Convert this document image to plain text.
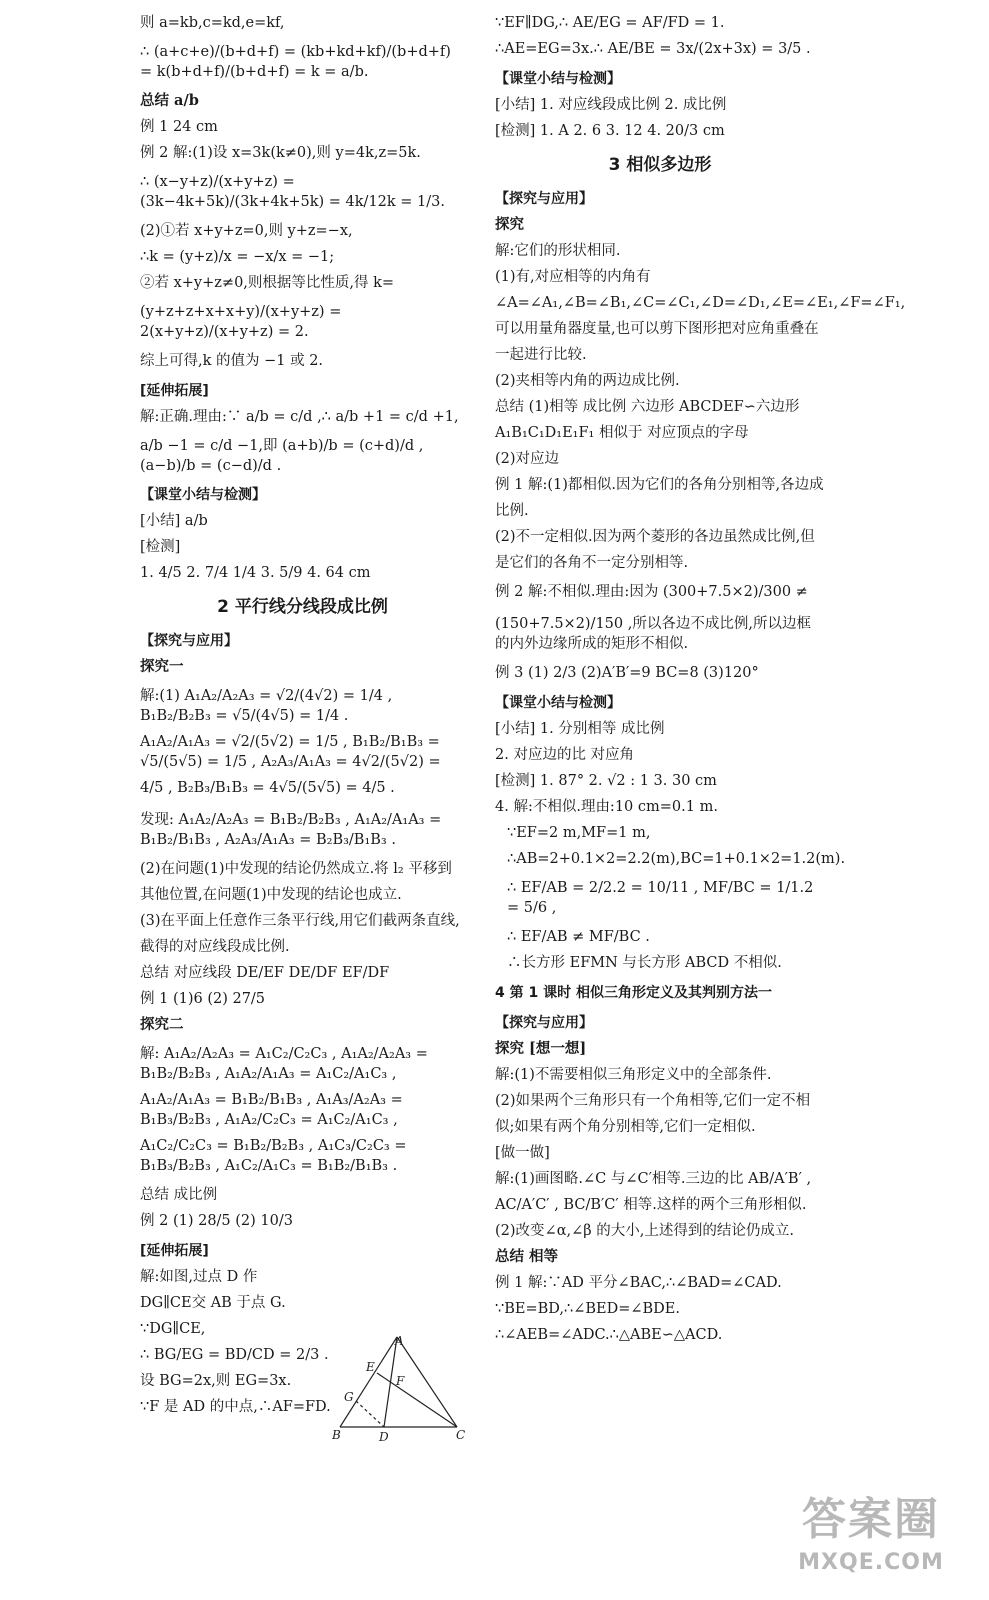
则 a=kb,c=kd,e=kf,
∴ (a+c+e)/(b+d+f) = (kb+kd+kf)/(b+d+f) = k(b+d+f)/(b+d+f) = k = a/b.
总结 a/b
例 1 24 cm
例 2 解:(1)设 x=3k(k≠0),则 y=4k,z=5k.
∴ (x−y+z)/(x+y+z) = (3k−4k+5k)/(3k+4k+5k) = 4k/12k = 1/3.
(2)①若 x+y+z=0,则 y+z=−x,
∴k = (y+z)/x = −x/x = −1;
②若 x+y+z≠0,则根据等比性质,得 k=
(y+z+z+x+x+y)/(x+y+z) = 2(x+y+z)/(x+y+z) = 2.
综上可得,k 的值为 −1 或 2.
[延伸拓展]
解:正确.理由:∵ a/b = c/d ,∴ a/b +1 = c/d +1,
a/b −1 = c/d −1,即 (a+b)/b = (c+d)/d , (a−b)/b = (c−d)/d .
【课堂小结与检测】
[小结] a/b
[检测]
1. 4/5 2. 7/4 1/4 3. 5/9 4. 64 cm
2 平行线分线段成比例
【探究与应用】
探究一
解:(1) A₁A₂/A₂A₃ = √2/(4√2) = 1/4 , B₁B₂/B₂B₃ = √5/(4√5) = 1/4 .
A₁A₂/A₁A₃ = √2/(5√2) = 1/5 , B₁B₂/B₁B₃ = √5/(5√5) = 1/5 , A₂A₃/A₁A₃ = 4√2/(5√2) =
4/5 , B₂B₃/B₁B₃ = 4√5/(5√5) = 4/5 .
发现: A₁A₂/A₂A₃ = B₁B₂/B₂B₃ , A₁A₂/A₁A₃ = B₁B₂/B₁B₃ , A₂A₃/A₁A₃ = B₂B₃/B₁B₃ .
(2)在问题(1)中发现的结论仍然成立.将 l₂ 平移到其他位置,在问题(1)中发现的结论也成立.
(3)在平面上任意作三条平行线,用它们截两条直线,截得的对应线段成比例.
总结 对应线段 DE/EF DE/DF EF/DF
例 1 (1)6 (2) 27/5
探究二
解: A₁A₂/A₂A₃ = A₁C₂/C₂C₃ , A₁A₂/A₂A₃ = B₁B₂/B₂B₃ , A₁A₂/A₁A₃ = A₁C₂/A₁C₃ ,
A₁A₂/A₁A₃ = B₁B₂/B₁B₃ , A₁A₃/A₂A₃ = B₁B₃/B₂B₃ , A₁A₂/C₂C₃ = A₁C₂/A₁C₃ ,
A₁C₂/C₂C₃ = B₁B₂/B₂B₃ , A₁C₃/C₂C₃ = B₁B₃/B₂B₃ , A₁C₂/A₁C₃ = B₁B₂/B₁B₃ .
总结 成比例
例 2 (1) 28/5 (2) 10/3
[延伸拓展]
解:如图,过点 D 作
DG∥CE交 AB 于点 G.
∵DG∥CE,
∴ BG/EG = BD/CD = 2/3 .
设 BG=2x,则 EG=3x.
∵F 是 AD 的中点,∴AF=FD.
∵EF∥DG,∴ AE/EG = AF/FD = 1.
∴AE=EG=3x.∴ AE/BE = 3x/(2x+3x) = 3/5 .
【课堂小结与检测】
[小结] 1. 对应线段成比例 2. 成比例
[检测] 1. A 2. 6 3. 12 4. 20/3 cm
3 相似多边形
【探究与应用】
探究
解:它们的形状相同.
(1)有,对应相等的内角有∠A=∠A₁,∠B=∠B₁,∠C=∠C₁,∠D=∠D₁,∠E=∠E₁,∠F=∠F₁,可以用量角器度量,也可以剪下图形把对应角重叠在一起进行比较.
(2)夹相等内角的两边成比例.
总结 (1)相等 成比例 六边形 ABCDEF∽六边形 A₁B₁C₁D₁E₁F₁ 相似于 对应顶点的字母
(2)对应边
例 1 解:(1)都相似.因为它们的各角分别相等,各边成比例.
(2)不一定相似.因为两个菱形的各边虽然成比例,但是它们的各角不一定分别相等.
例 2 解:不相似.理由:因为 (300+7.5×2)/300 ≠
(150+7.5×2)/150 ,所以各边不成比例,所以边框的内外边缘所成的矩形不相似.
例 3 (1) 2/3 (2)A′B′=9 BC=8 (3)120°
【课堂小结与检测】
[小结] 1. 分别相等 成比例
2. 对应边的比 对应角
[检测] 1. 87° 2. √2 : 1 3. 30 cm
4. 解:不相似.理由:10 cm=0.1 m.
∵EF=2 m,MF=1 m,
∴AB=2+0.1×2=2.2(m),BC=1+0.1×2=1.2(m).
∴ EF/AB = 2/2.2 = 10/11 , MF/BC = 1/1.2 = 5/6 ,
∴ EF/AB ≠ MF/BC .
∴长方形 EFMN 与长方形 ABCD 不相似.
4 第 1 课时 相似三角形定义及其判别方法一
【探究与应用】
探究 [想一想]
解:(1)不需要相似三角形定义中的全部条件.
(2)如果两个三角形只有一个角相等,它们一定不相似;如果有两个角分别相等,它们一定相似.
[做一做]
解:(1)画图略.∠C 与∠C′相等.三边的比 AB/A′B′ ,
AC/A′C′ , BC/B′C′ 相等.这样的两个三角形相似.
(2)改变∠α,∠β 的大小,上述得到的结论仍成立.
总结 相等
例 1 解:∵AD 平分∠BAC,∴∠BAD=∠CAD.
∵BE=BD,∴∠BED=∠BDE.
∴∠AEB=∠ADC.∴△ABE∽△ACD.
A
B	C
D
E
F
G
答案圈
MXQE.COM
